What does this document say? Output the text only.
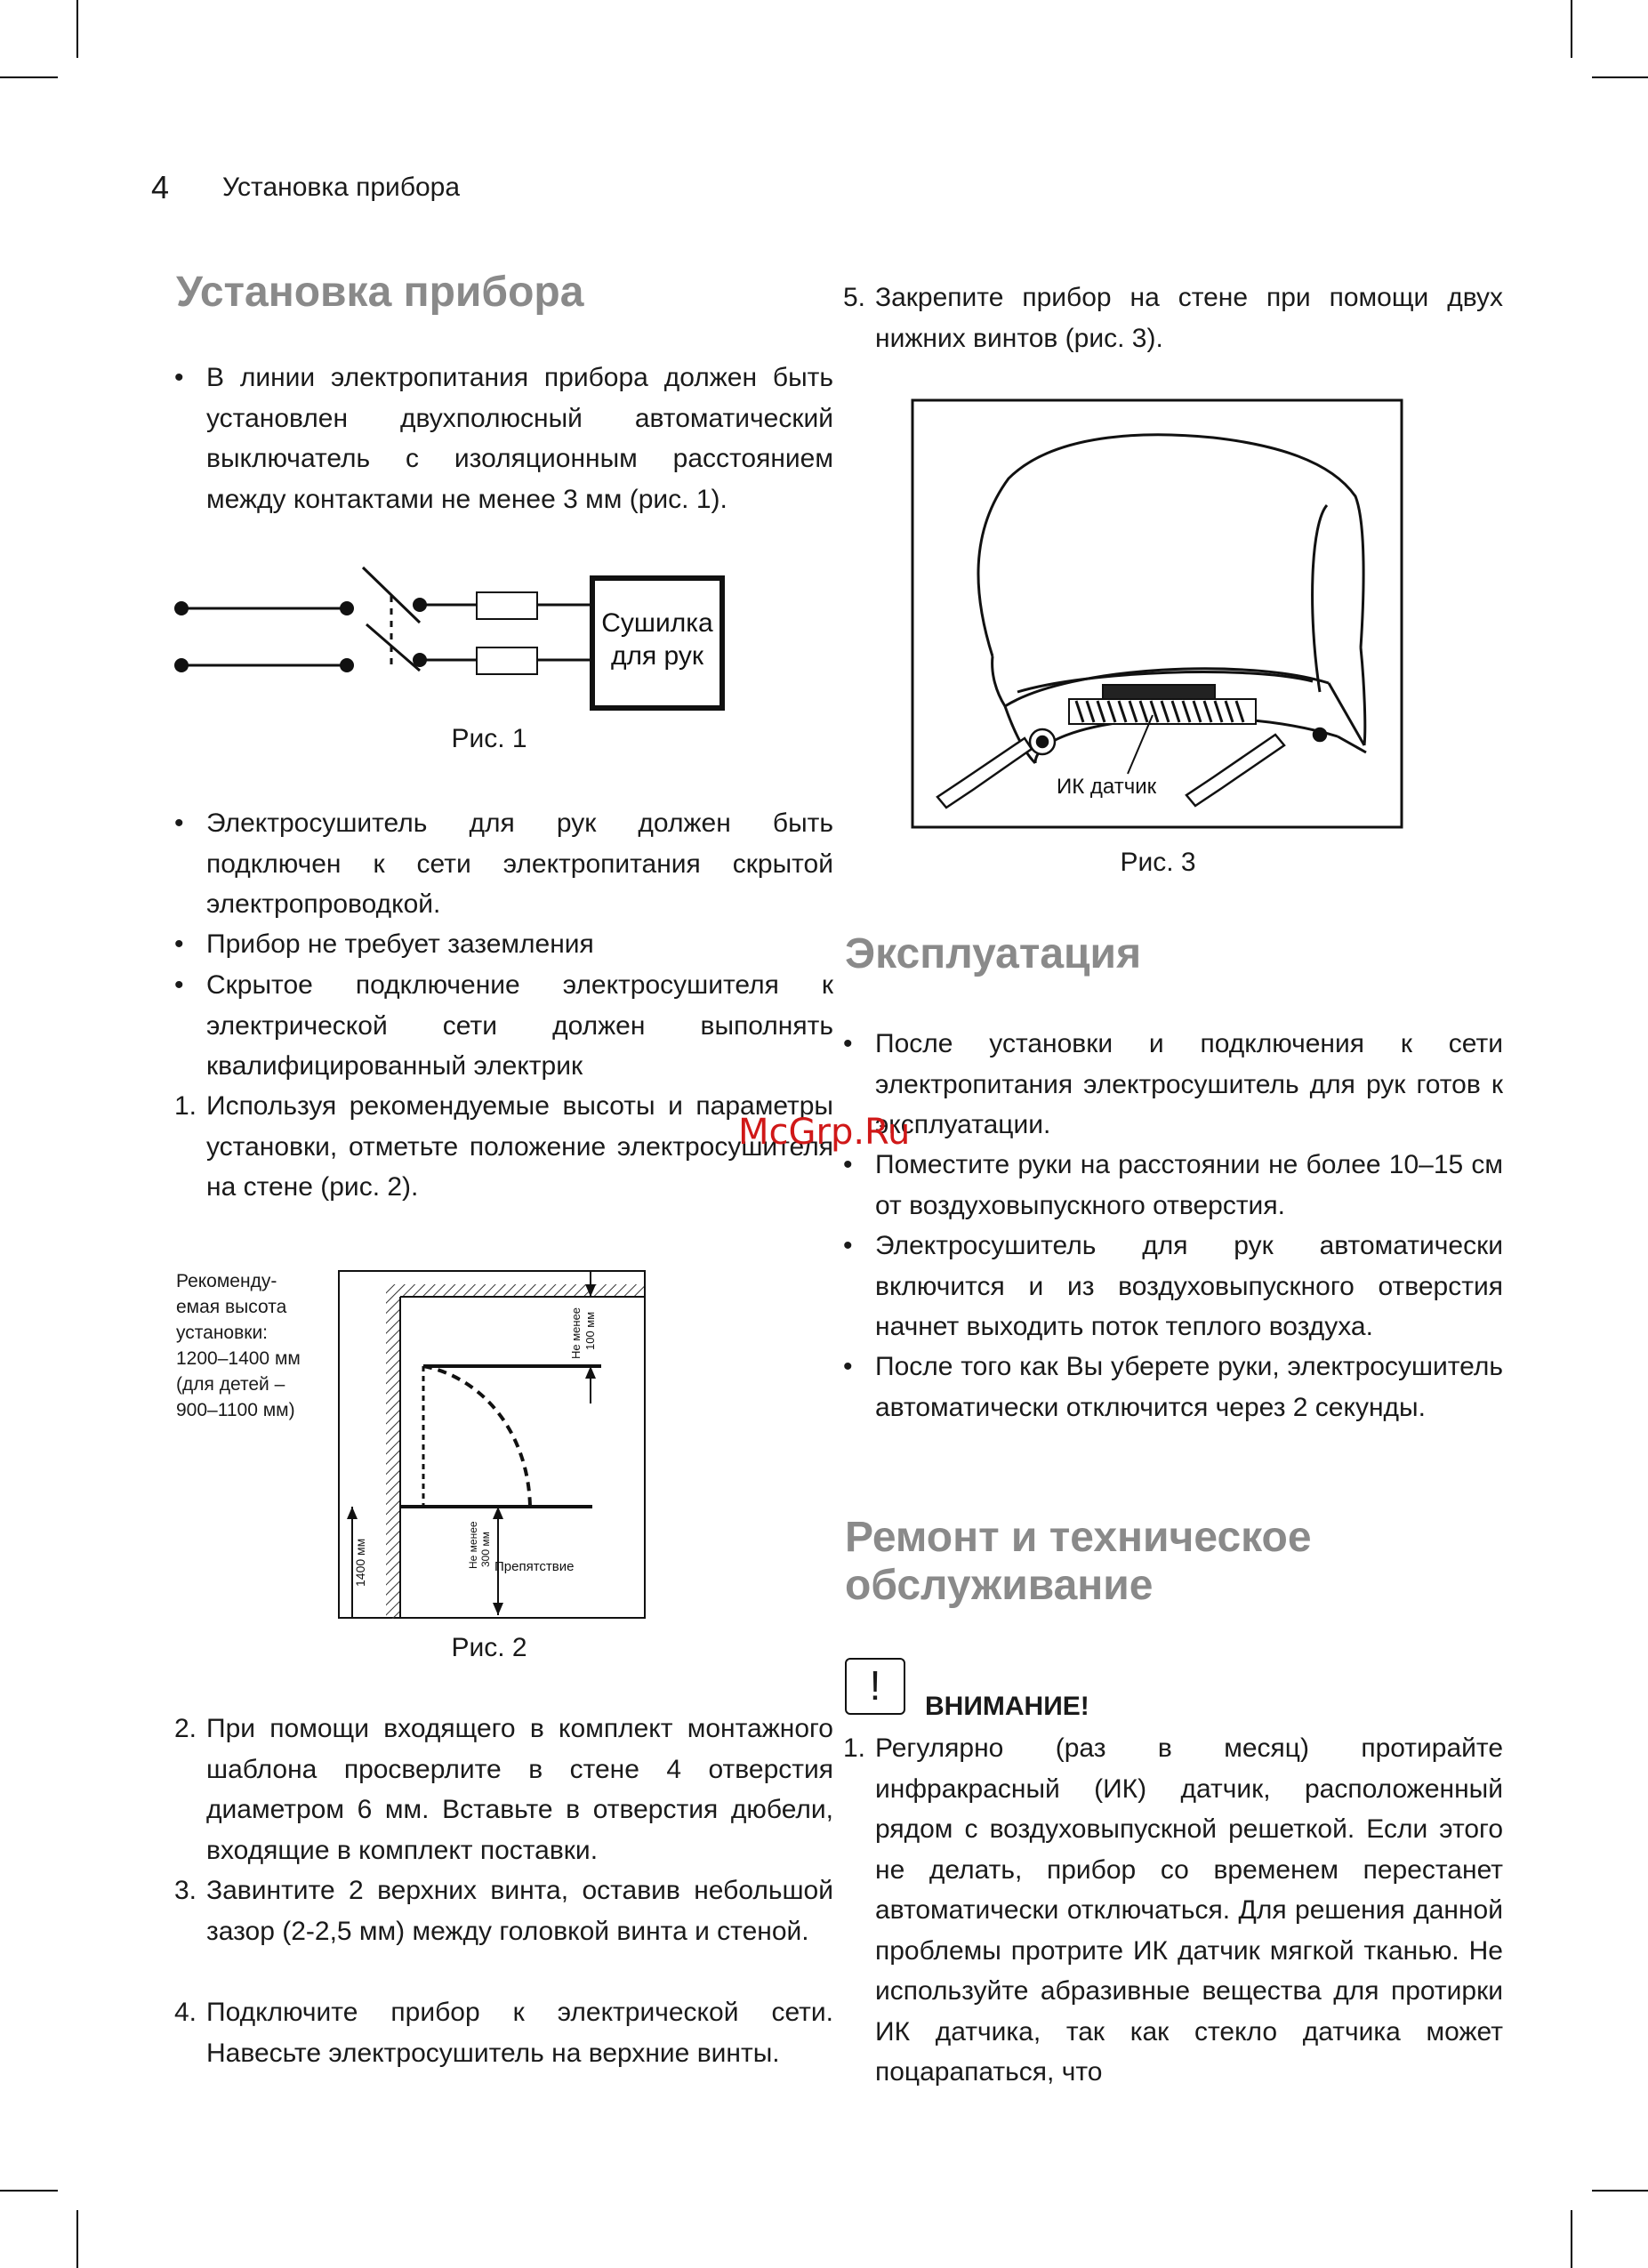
4 Установка прибора
Установка прибора
• В линии электропитания прибора должен быть установлен двухполюсный автоматический выключатель с изоляционным расстоянием между контактами не менее 3 мм (рис. 1).
Сушилка
для рук
Рис. 1
• Электросушитель для рук должен быть подключен к сети электропитания скрытой электропроводкой.
• Прибор не требует заземления
• Скрытое подключение электросушителя к электрической сети должен выполнять квалифицированный электрик
1. Используя рекомендуемые высоты и параметры установки, отметьте положение электросушителя на стене (рис. 2).
Рекоменду-
емая высота
установки:
1200–1400 мм
(для детей –
900–1100 мм)
Не менее 100 мм
1400 мм	Не менее 300 мм Препятствие
Рис. 2
2. При помощи входящего в комплект монтажного шаблона просверлите в стене 4 отверстия диаметром 6 мм. Вставьте в отверстия дюбели, входящие в комплект поставки.
3. Завинтите 2 верхних винта, оставив небольшой зазор (2-2,5 мм) между головкой винта и стеной.
4. Подключите прибор к электрической сети. Навесьте электросушитель на верхние винты.
5. Закрепите прибор на стене при помощи двух нижних винтов (рис. 3).
ИК датчик
Рис. 3
Эксплуатация
• После установки и подключения к сети электропитания электросушитель для рук готов к эксплуатации.
• Поместите руки на расстоянии не более 10–15 см от воздуховыпускного отверстия.
• Электросушитель для рук автоматически включится и из воздуховыпускного отверстия начнет выходить поток теплого воздуха.
• После того как Вы уберете руки, электросушитель автоматически отключится через 2 секунды.
Ремонт и техническое
обслуживание
!	ВНИМАНИЕ!
1. Регулярно (раз в месяц) протирайте инфракрасный (ИК) датчик, расположенный рядом с воздуховыпускной решеткой. Если этого не делать, прибор со временем перестанет автоматически отключаться. Для решения данной проблемы протрите ИК датчик мягкой тканью. Не используйте абразивные вещества для протирки ИК датчика, так как стекло датчика может поцарапаться, что
McGrp.Ru
